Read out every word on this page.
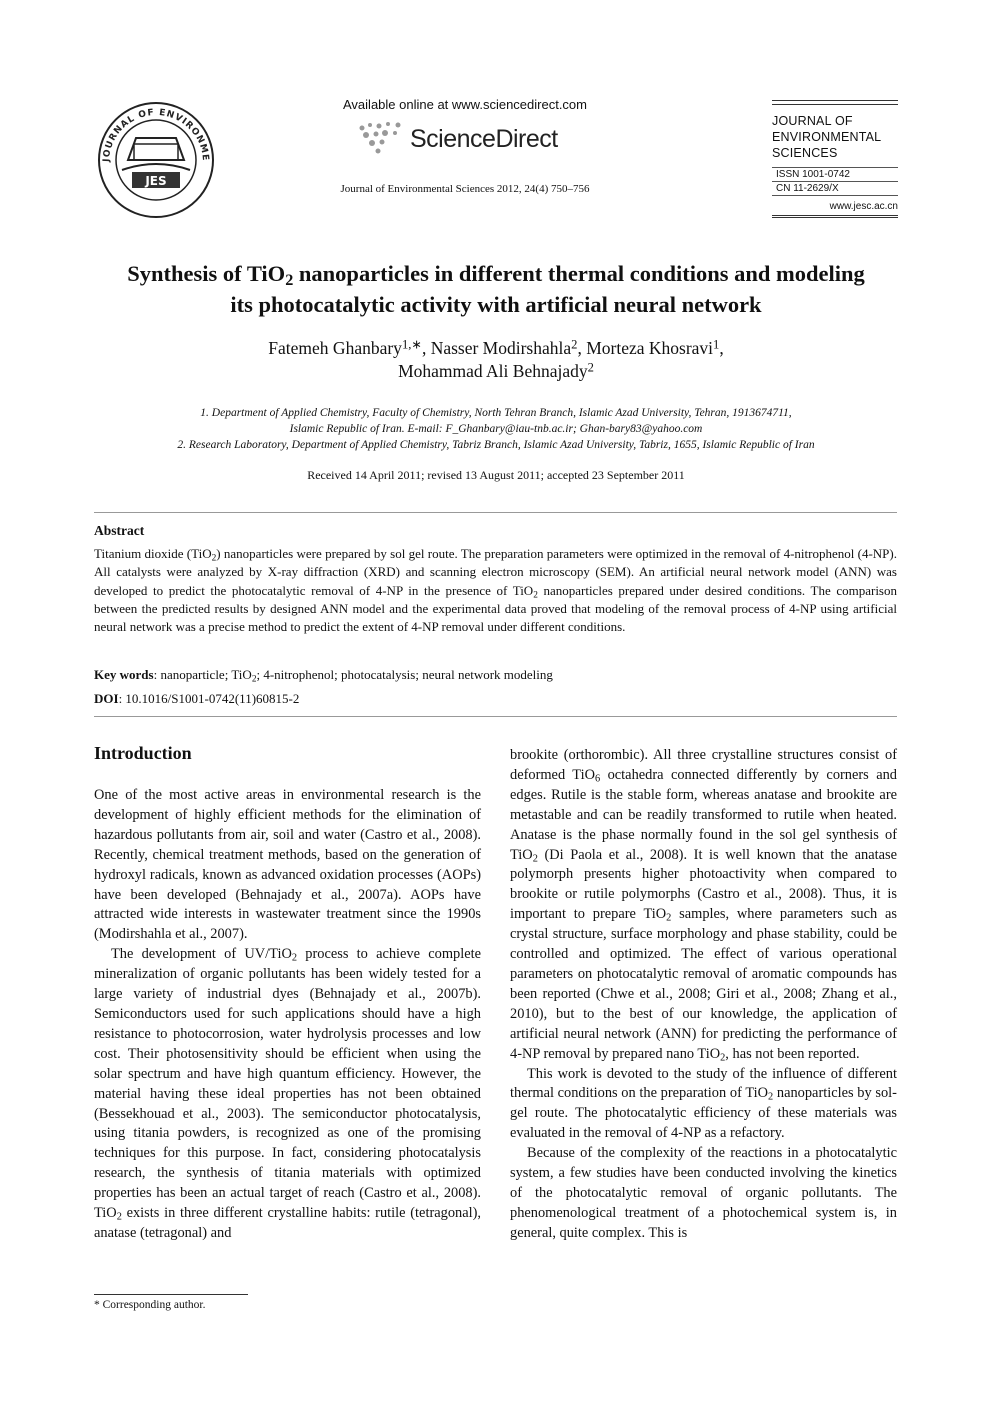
JOURNAL OF ENVIRONME
JES
Available online at www.sciencedirect.com
ScienceDirect
Journal of Environmental Sciences 2012, 24(4) 750–756
JOURNAL OF
ENVIRONMENTAL
SCIENCES
ISSN 1001-0742
CN 11-2629/X
www.jesc.ac.cn
Synthesis of TiO$_2$ nanoparticles in different thermal conditions and modeling
its photocatalytic activity with artificial neural network
Fatemeh Ghanbary$^{1,∗}$, Nasser Modirshahla$^2$, Morteza Khosravi$^1$,
Mohammad Ali Behnajady$^2$
1. Department of Applied Chemistry, Faculty of Chemistry, North Tehran Branch, Islamic Azad University, Tehran, 1913674711,
Islamic Republic of Iran. E-mail: F_Ghanbary@iau-tnb.ac.ir; Ghan-bary83@yahoo.com
2. Research Laboratory, Department of Applied Chemistry, Tabriz Branch, Islamic Azad University, Tabriz, 1655, Islamic Republic of Iran
Received 14 April 2011; revised 13 August 2011; accepted 23 September 2011
Abstract
Titanium dioxide (TiO$_2$) nanoparticles were prepared by sol gel route. The preparation parameters were optimized in the removal of 4-nitrophenol (4-NP). All catalysts were analyzed by X-ray diffraction (XRD) and scanning electron microscopy (SEM). An artificial neural network model (ANN) was developed to predict the photocatalytic removal of 4-NP in the presence of TiO$_2$ nanoparticles prepared under desired conditions. The comparison between the predicted results by designed ANN model and the experimental data proved that modeling of the removal process of 4-NP using artificial neural network was a precise method to predict the extent of 4-NP removal under different conditions.
Key words: nanoparticle; TiO$_2$; 4-nitrophenol; photocatalysis; neural network modeling
DOI: 10.1016/S1001-0742(11)60815-2
Introduction

One of the most active areas in environmental research is the development of highly efficient methods for the elimination of hazardous pollutants from air, soil and water (Castro et al., 2008). Recently, chemical treatment methods, based on the generation of hydroxyl radicals, known as advanced oxidation processes (AOPs) have been developed (Behnajady et al., 2007a). AOPs have attracted wide interests in wastewater treatment since the 1990s (Modirshahla et al., 2007).

The development of UV/TiO$_2$ process to achieve complete mineralization of organic pollutants has been widely tested for a large variety of industrial dyes (Behnajady et al., 2007b). Semiconductors used for such applications should have a high resistance to photocorrosion, water hydrolysis processes and low cost. Their photosensitivity should be efficient when using the solar spectrum and have high quantum efficiency. However, the material having these ideal properties has not been obtained (Bessekhouad et al., 2003). The semiconductor photocatalysis, using titania powders, is recognized as one of the promising techniques for this purpose. In fact, considering photocatalysis research, the synthesis of titania materials with optimized properties has been an actual target of reach (Castro et al., 2008). TiO$_2$ exists in three different crystalline habits: rutile (tetragonal), anatase (tetragonal) and

brookite (orthorombic). All three crystalline structures consist of deformed TiO$_6$ octahedra connected differently by corners and edges. Rutile is the stable form, whereas anatase and brookite are metastable and can be readily transformed to rutile when heated. Anatase is the phase normally found in the sol gel synthesis of TiO$_2$ (Di Paola et al., 2008). It is well known that the anatase polymorph presents higher photoactivity when compared to brookite or rutile polymorphs (Castro et al., 2008). Thus, it is important to prepare TiO$_2$ samples, where parameters such as crystal structure, surface morphology and phase stability, could be controlled and optimized. The effect of various operational parameters on photocatalytic removal of aromatic compounds has been reported (Chwe et al., 2008; Giri et al., 2008; Zhang et al., 2010), but to the best of our knowledge, the application of artificial neural network (ANN) for predicting the performance of 4-NP removal by prepared nano TiO$_2$, has not been reported.

This work is devoted to the study of the influence of different thermal conditions on the preparation of TiO$_2$ nanoparticles by sol-gel route. The photocatalytic efficiency of these materials was evaluated in the removal of 4-NP as a refactory.

Because of the complexity of the reactions in a photocatalytic system, a few studies have been conducted involving the kinetics of the photocatalytic removal of organic pollutants. The phenomenological treatment of a photochemical system is, in general, quite complex. This is

* Corresponding author.
